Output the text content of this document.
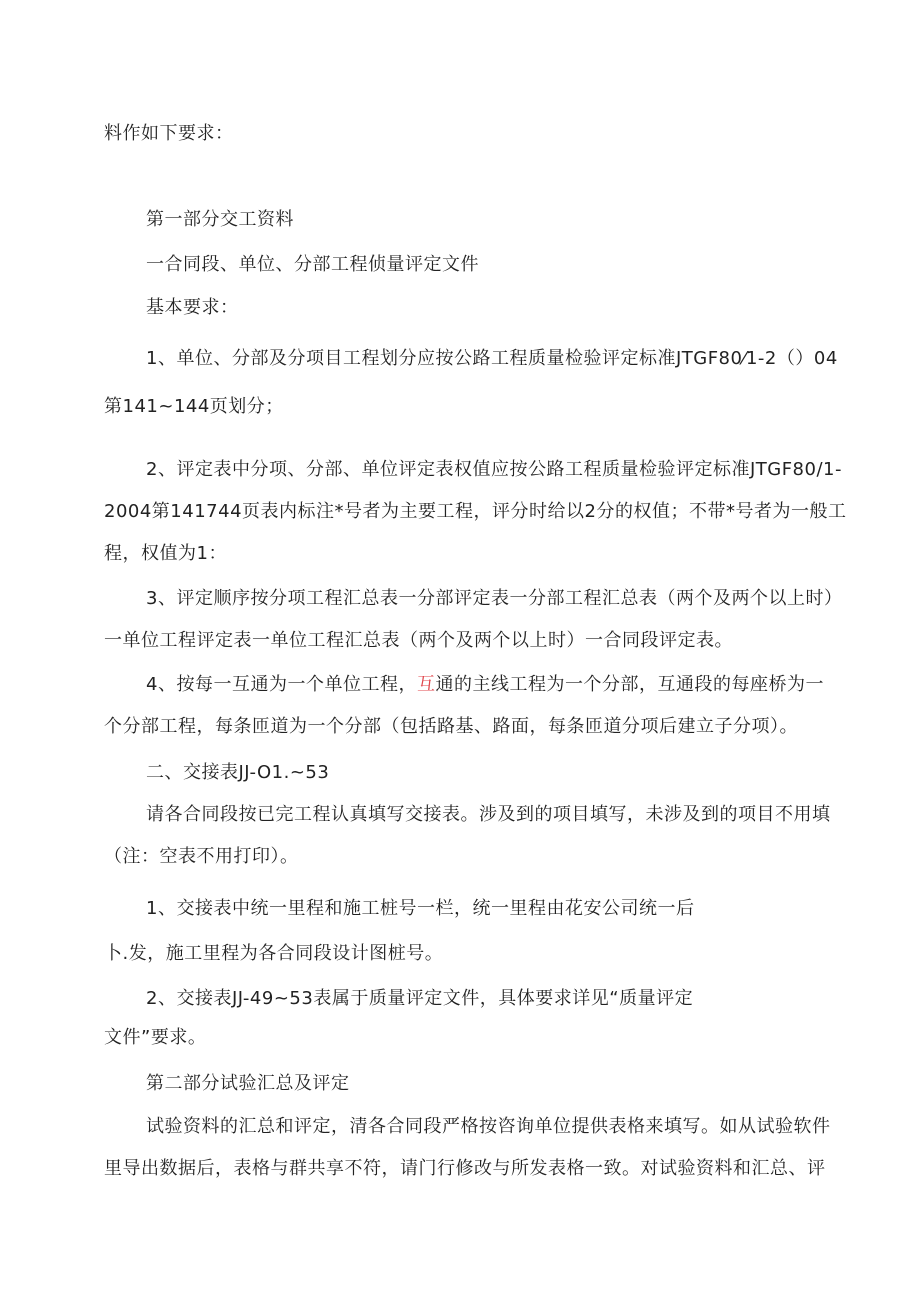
料作如下要求：
第一部分交工资料
一合同段、单位、分部工程侦量评定文件
基本要求：
1、单位、分部及分项目工程划分应按公路工程质量检验评定标准JTGF80⁄1-2（）04
第141~144页划分；
2、评定表中分项、分部、单位评定表权值应按公路工程质量检验评定标准JTGF80/1-
2004第141744页表内标注*号者为主要工程，评分时给以2分的权值；不带*号者为一般工
程，权值为1：
3、评定顺序按分项工程汇总表一分部评定表一分部工程汇总表（两个及两个以上时）
一单位工程评定表一单位工程汇总表（两个及两个以上时）一合同段评定表。
4、按每一互通为一个单位工程，互通的主线工程为一个分部，互通段的每座桥为一
个分部工程，每条匝道为一个分部（包括路基、路面，每条匝道分项后建立子分项）。
二、交接表JJ-O1.~53
请各合同段按已完工程认真填写交接表。涉及到的项目填写，未涉及到的项目不用填
（注：空表不用打印）。
1、交接表中统一里程和施工桩号一栏，统一里程由花安公司统一后
卜.发，施工里程为各合同段设计图桩号。
2、交接表JJ-49~53表属于质量评定文件，具体要求详见“质量评定
文件”要求。
第二部分试验汇总及评定
试验资料的汇总和评定，清各合同段严格按咨询单位提供表格来填写。如从试验软件
里导出数据后，表格与群共享不符，请门行修改与所发表格一致。对试验资料和汇总、评
